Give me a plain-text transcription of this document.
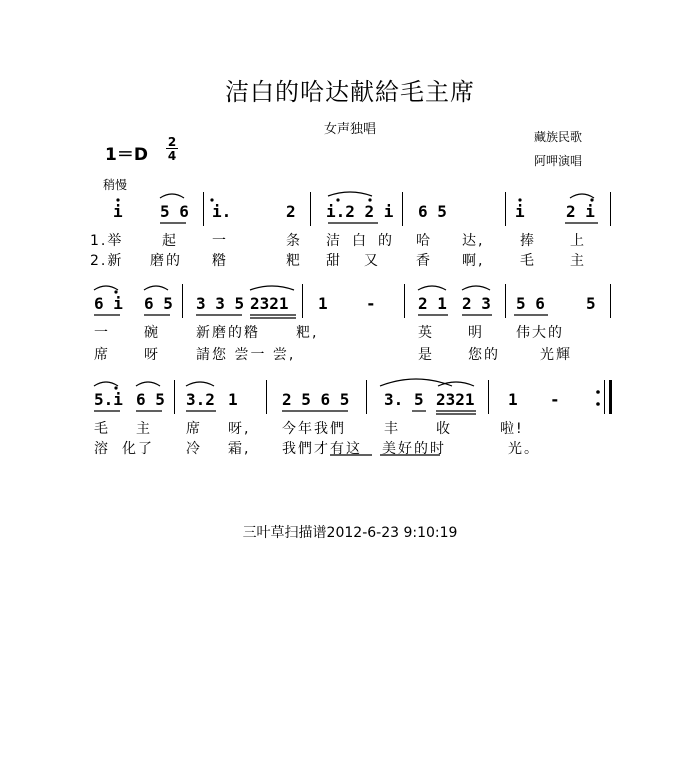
洁白的哈达献給毛主席
女声独唱	藏族民歌
阿呷演唱
1＝D
2
4
稍慢
i 5 6 i.	2 i.2 2 i 6 5	i	2 i
1.举	起 一	条 洁 白 的 哈 达,	捧 上
2.新 磨的 糌	粑 甜 又	香 啊,	毛 主
6 i 6 5 3 3 5 2321 1 -	2 1 2 3 5 6	5
一 碗	新磨的糌	粑,	英 明 伟大的
席 呀	請您 尝一 尝,	是 您的	光輝
5.i 6 5 3.2 1	2 5 6 5 3. 5 2321 1 -
毛 主 席 呀, 今年我們	丰	收	啦!
溶 化了 冷 霜, 我們才有这 美好的时	光。
三叶草扫描谱2012-6-23 9:10:19
